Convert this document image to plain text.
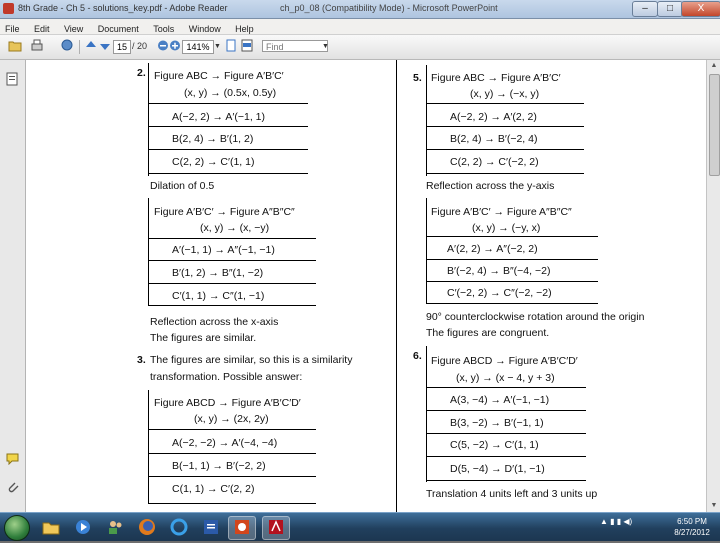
8th Grade - Ch 5 - solutions_key.pdf - Adobe Reader	ch_p0_08 (Compatibility Mode) - Microsoft PowerPoint	–	□	X
File Edit View Document Tools Window Help
15 / 20	141% ▼	Find	▼
2. Figure ABC → Figure A′B′C′
(x, y) → (0.5x, 0.5y)
A(−2, 2) → A′(−1, 1)
B(2, 4) → B′(1, 2)
C(2, 2) → C′(1, 1)
Dilation of 0.5
Figure A′B′C′ → Figure A″B″C″
(x, y) → (x, −y)
A′(−1, 1) → A″(−1, −1)
B′(1, 2) → B″(1, −2)
C′(1, 1) → C″(1, −1)
Reflection across the x-axis
The figures are similar.
3. The figures are similar, so this is a similarity
transformation. Possible answer:
Figure ABCD → Figure A′B′C′D′
(x, y) → (2x, 2y)
A(−2, −2) → A′(−4, −4)
B(−1, 1) → B′(−2, 2)
C(1, 1) → C′(2, 2)
5. Figure ABC → Figure A′B′C′
(x, y) → (−x, y)
A(−2, 2) → A′(2, 2)
B(2, 4) → B′(−2, 4)
C(2, 2) → C′(−2, 2)
Reflection across the y-axis
Figure A′B′C′ → Figure A″B″C″
(x, y) → (−y, x)
A′(2, 2) → A″(−2, 2)
B′(−2, 4) → B″(−4, −2)
C′(−2, 2) → C″(−2, −2)
90° counterclockwise rotation around the origin
The figures are congruent.
6. Figure ABCD → Figure A′B′C′D′
(x, y) → (x − 4, y + 3)
A(3, −4) → A′(−1, −1)
B(3, −2) → B′(−1, 1)
C(5, −2) → C′(1, 1)
D(5, −4) → D′(1, −1)
Translation 4 units left and 3 units up
▲
▼
▲ ▮ ▮ ◀)	6:50 PM
8/27/2012
